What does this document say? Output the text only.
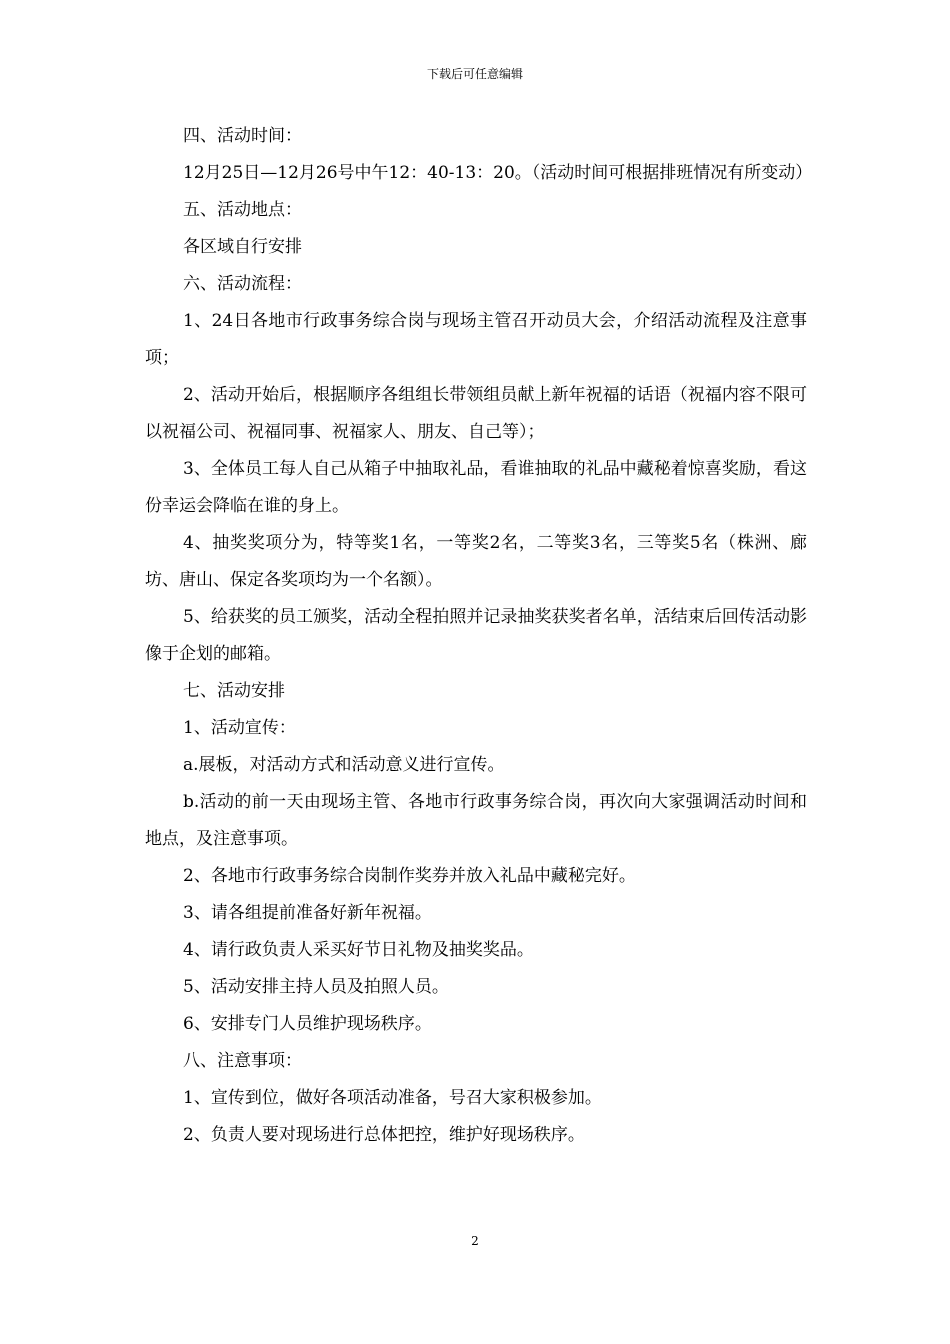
下载后可任意编辑

四、活动时间：

12月25日—12月26号中午12：40-13：20。（活动时间可根据排班情况有所变动）

五、活动地点：

各区域自行安排

六、活动流程：

1、24日各地市行政事务综合岗与现场主管召开动员大会，介绍活动流程及注意事项；

2、活动开始后，根据顺序各组组长带领组员献上新年祝福的话语（祝福内容不限可以祝福公司、祝福同事、祝福家人、朋友、自己等）；

3、全体员工每人自己从箱子中抽取礼品，看谁抽取的礼品中藏秘着惊喜奖励，看这份幸运会降临在谁的身上。

4、抽奖奖项分为，特等奖1名，一等奖2名，二等奖3名，三等奖5名（株洲、廊坊、唐山、保定各奖项均为一个名额）。

5、给获奖的员工颁奖，活动全程拍照并记录抽奖获奖者名单，活结束后回传活动影像于企划的邮箱。

七、活动安排

1、活动宣传：

a.展板，对活动方式和活动意义进行宣传。

b.活动的前一天由现场主管、各地市行政事务综合岗，再次向大家强调活动时间和地点，及注意事项。

2、各地市行政事务综合岗制作奖券并放入礼品中藏秘完好。

3、请各组提前准备好新年祝福。

4、请行政负责人采买好节日礼物及抽奖奖品。

5、活动安排主持人员及拍照人员。

6、安排专门人员维护现场秩序。

八、注意事项：

1、宣传到位，做好各项活动准备，号召大家积极参加。

2、负责人要对现场进行总体把控，维护好现场秩序。

2
